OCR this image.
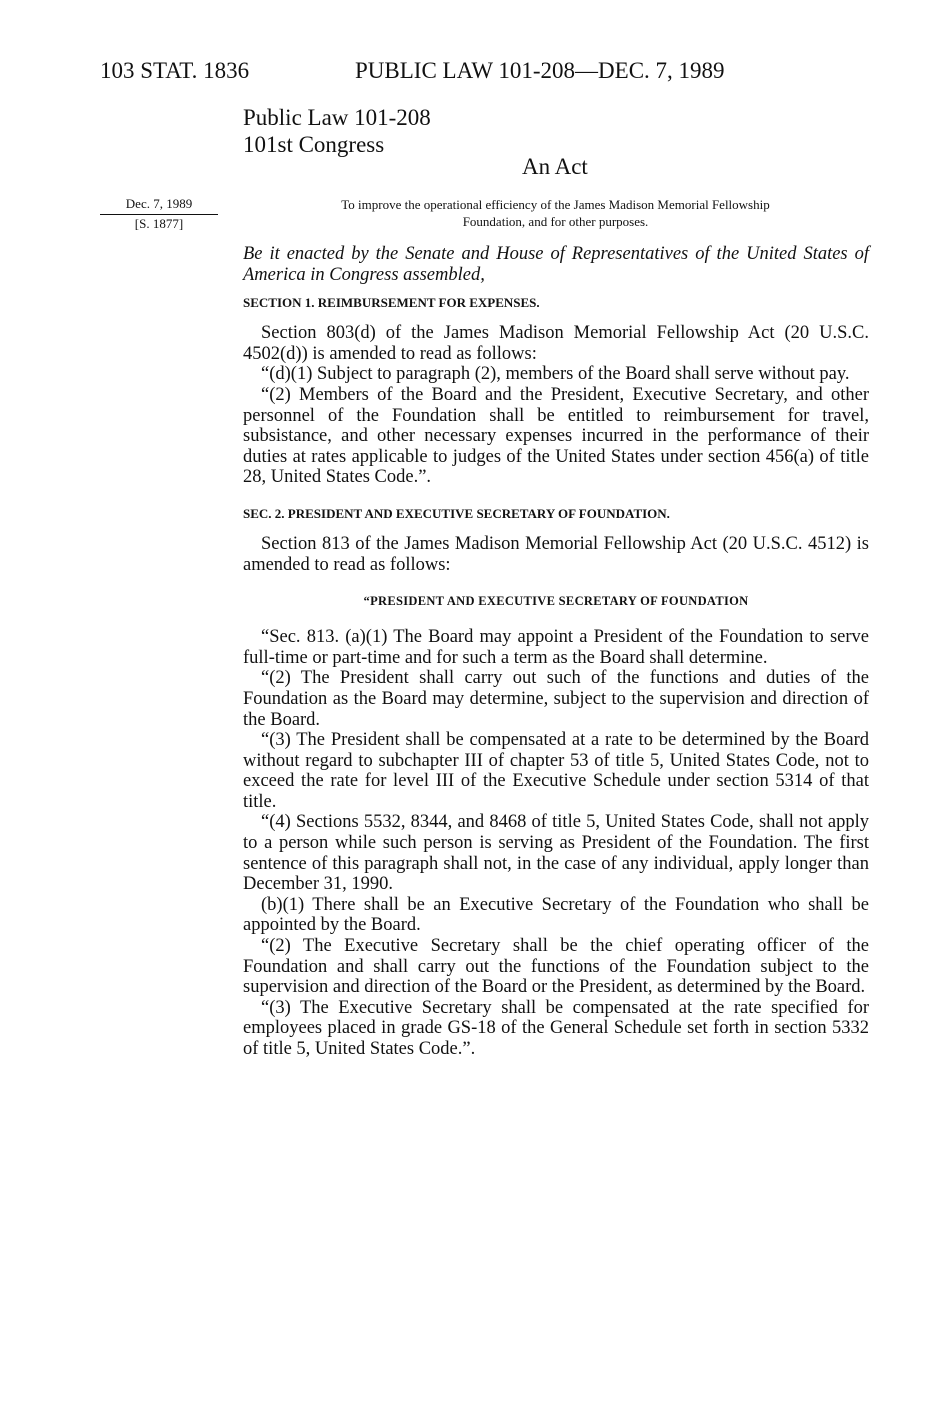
103 STAT. 1836	PUBLIC LAW 101-208—DEC. 7, 1989
Public Law 101-208
101st Congress
An Act
Dec. 7, 1989
[S. 1877]
To improve the operational efficiency of the James Madison Memorial Fellowship
Foundation, and for other purposes.

Be it enacted by the Senate and House of Representatives of the United States of America in Congress assembled,

SECTION 1. REIMBURSEMENT FOR EXPENSES.

Section 803(d) of the James Madison Memorial Fellowship Act (20 U.S.C. 4502(d)) is amended to read as follows:

“(d)(1) Subject to paragraph (2), members of the Board shall serve without pay.

“(2) Members of the Board and the President, Executive Secretary, and other personnel of the Foundation shall be entitled to reimbursement for travel, subsistance, and other necessary expenses incurred in the performance of their duties at rates applicable to judges of the United States under section 456(a) of title 28, United States Code.”.

SEC. 2. PRESIDENT AND EXECUTIVE SECRETARY OF FOUNDATION.

Section 813 of the James Madison Memorial Fellowship Act (20 U.S.C. 4512) is amended to read as follows:

“PRESIDENT AND EXECUTIVE SECRETARY OF FOUNDATION

“Sec. 813. (a)(1) The Board may appoint a President of the Foundation to serve full-time or part-time and for such a term as the Board shall determine.

“(2) The President shall carry out such of the functions and duties of the Foundation as the Board may determine, subject to the supervision and direction of the Board.

“(3) The President shall be compensated at a rate to be determined by the Board without regard to subchapter III of chapter 53 of title 5, United States Code, not to exceed the rate for level III of the Executive Schedule under section 5314 of that title.

“(4) Sections 5532, 8344, and 8468 of title 5, United States Code, shall not apply to a person while such person is serving as President of the Foundation. The first sentence of this paragraph shall not, in the case of any individual, apply longer than December 31, 1990.

(b)(1) There shall be an Executive Secretary of the Foundation who shall be appointed by the Board.

“(2) The Executive Secretary shall be the chief operating officer of the Foundation and shall carry out the functions of the Foundation subject to the supervision and direction of the Board or the President, as determined by the Board.

“(3) The Executive Secretary shall be compensated at the rate specified for employees placed in grade GS-18 of the General Schedule set forth in section 5332 of title 5, United States Code.”.
